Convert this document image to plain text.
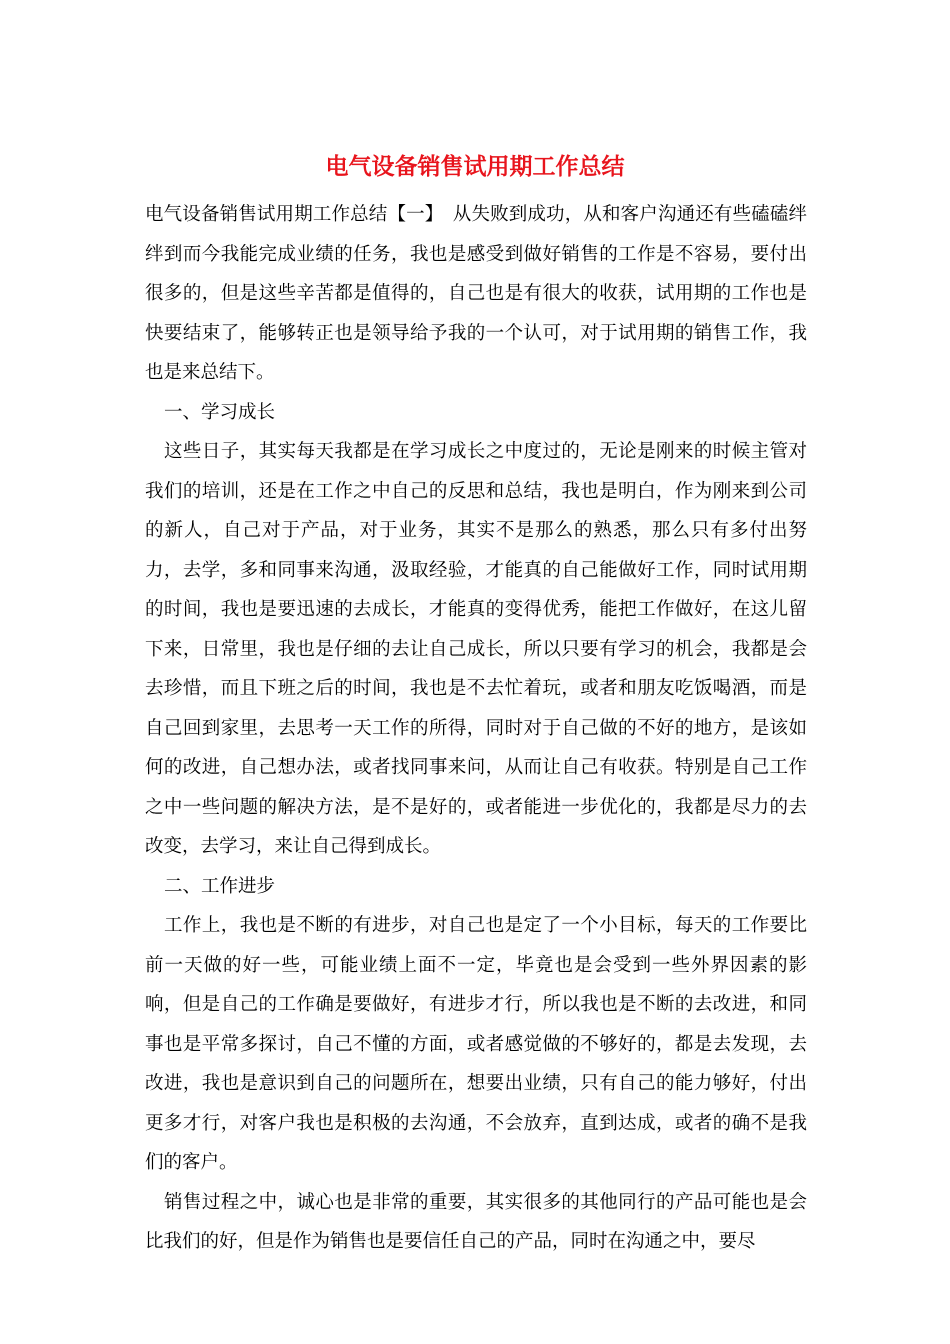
电气设备销售试用期工作总结

电气设备销售试用期工作总结【一】　从失败到成功，从和客户沟通还有些磕磕绊绊到而今我能完成业绩的任务，我也是感受到做好销售的工作是不容易，要付出很多的，但是这些辛苦都是值得的，自己也是有很大的收获，试用期的工作也是快要结束了，能够转正也是领导给予我的一个认可，对于试用期的销售工作，我也是来总结下。

一、学习成长

这些日子，其实每天我都是在学习成长之中度过的，无论是刚来的时候主管对我们的培训，还是在工作之中自己的反思和总结，我也是明白，作为刚来到公司的新人，自己对于产品，对于业务，其实不是那么的熟悉，那么只有多付出努力，去学，多和同事来沟通，汲取经验，才能真的自己能做好工作，同时试用期的时间，我也是要迅速的去成长，才能真的变得优秀，能把工作做好，在这儿留下来，日常里，我也是仔细的去让自己成长，所以只要有学习的机会，我都是会去珍惜，而且下班之后的时间，我也是不去忙着玩，或者和朋友吃饭喝酒，而是自己回到家里，去思考一天工作的所得，同时对于自己做的不好的地方，是该如何的改进，自己想办法，或者找同事来问，从而让自己有收获。特别是自己工作之中一些问题的解决方法，是不是好的，或者能进一步优化的，我都是尽力的去改变，去学习，来让自己得到成长。

二、工作进步

工作上，我也是不断的有进步，对自己也是定了一个小目标，每天的工作要比前一天做的好一些，可能业绩上面不一定，毕竟也是会受到一些外界因素的影响，但是自己的工作确是要做好，有进步才行，所以我也是不断的去改进，和同事也是平常多探讨，自己不懂的方面，或者感觉做的不够好的，都是去发现，去改进，我也是意识到自己的问题所在，想要出业绩，只有自己的能力够好，付出更多才行，对客户我也是积极的去沟通，不会放弃，直到达成，或者的确不是我们的客户。

销售过程之中，诚心也是非常的重要，其实很多的其他同行的产品可能也是会比我们的好，但是作为销售也是要信任自己的产品，同时在沟通之中，要尽
